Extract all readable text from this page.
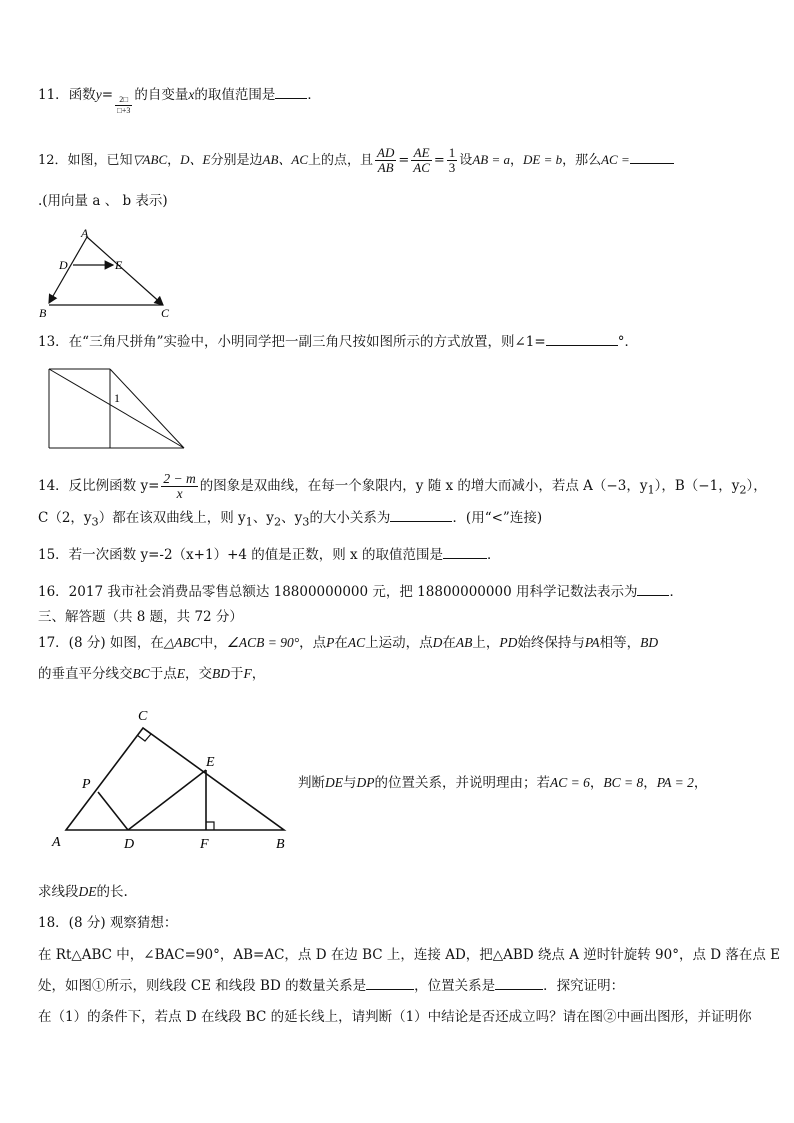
11．函数$y= \frac{2□}{□+3}$ 的自变量x的取值范围是 ．
12．如图，已知▽ABC，D、E分别是边AB、AC上的点，且 $\frac{AD}{AB} = \frac{AE}{AC} = \frac{1}{3}$ 设AB = a，DE = b，那么AC =
.(用向量 a 、 b 表示)
A
D	E
B	C
13．在“三角尺拼角”实验中，小明同学把一副三角尺按如图所示的方式放置，则∠1=	°．
1
14．反比例函数 $y= \frac{2 - m}{x}$ 的图象是双曲线，在每一个象限内，y 随 x 的增大而减小，若点 A（−3，$y_1$），B（−1，$y_2$），
C（2，$y_3$）都在该双曲线上，则 $y_1$、$y_2$、$y_3$的大小关系为	．(用“<”连接)
15．若一次函数 y=-2（x+1）+4 的值是正数，则 x 的取值范围是	．
16．2017 我市社会消费品零售总额达 18800000000 元，把 18800000000 用科学记数法表示为 ．
三、解答题（共 8 题，共 72 分）
17．(8 分) 如图，在△ABC中，∠ACB = 90°，点P在AC上运动，点D在AB上，PD始终保持与PA相等，BD
的垂直平分线交BC于点E，交BD于F，
C
E
P
A	D	F	B
判断DE与DP的位置关系，并说明理由；若AC = 6，BC = 8，PA = 2，
求线段DE的长.
18．(8 分) 观察猜想：
在 Rt△ABC 中，∠BAC=90°，AB=AC，点 D 在边 BC 上，连接 AD，把△ABD 绕点 A 逆时针旋转 90°，点 D 落在点 E
处，如图①所示，则线段 CE 和线段 BD 的数量关系是	，位置关系是	．探究证明：
在（1）的条件下，若点 D 在线段 BC 的延长线上，请判断（1）中结论是否还成立吗？请在图②中画出图形，并证明你
